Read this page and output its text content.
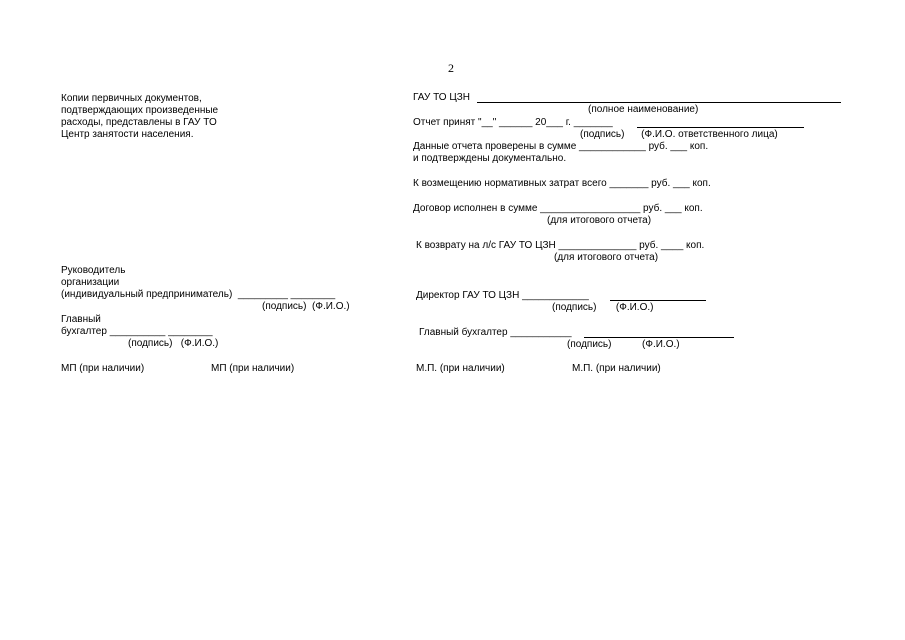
2
Копии первичных документов,
подтверждающих произведенные
расходы, представлены в ГАУ ТО
Центр занятости населения.
Руководитель
организации
(индивидуальный предприниматель)  _________ ________
(подпись)  (Ф.И.О.)
Главный
бухгалтер __________ ________
(подпись)   (Ф.И.О.)
МП (при наличии)	МП (при наличии)
ГАУ ТО ЦЗН
(полное наименование)
Отчет принят "__" ______ 20___ г. _______
(подпись)      (Ф.И.О. ответственного лица)
Данные отчета проверены в сумме ____________ руб. ___ коп.
и подтверждены документально.
К возмещению нормативных затрат всего _______ руб. ___ коп.
Договор исполнен в сумме __________________ руб. ___ коп.
(для итогового отчета)
К возврату на л/с ГАУ ТО ЦЗН ______________ руб. ____ коп.
(для итогового отчета)
Директор ГАУ ТО ЦЗН ____________
(подпись)       (Ф.И.О.)
Главный бухгалтер ___________
(подпись)           (Ф.И.О.)
М.П. (при наличии)	М.П. (при наличии)
